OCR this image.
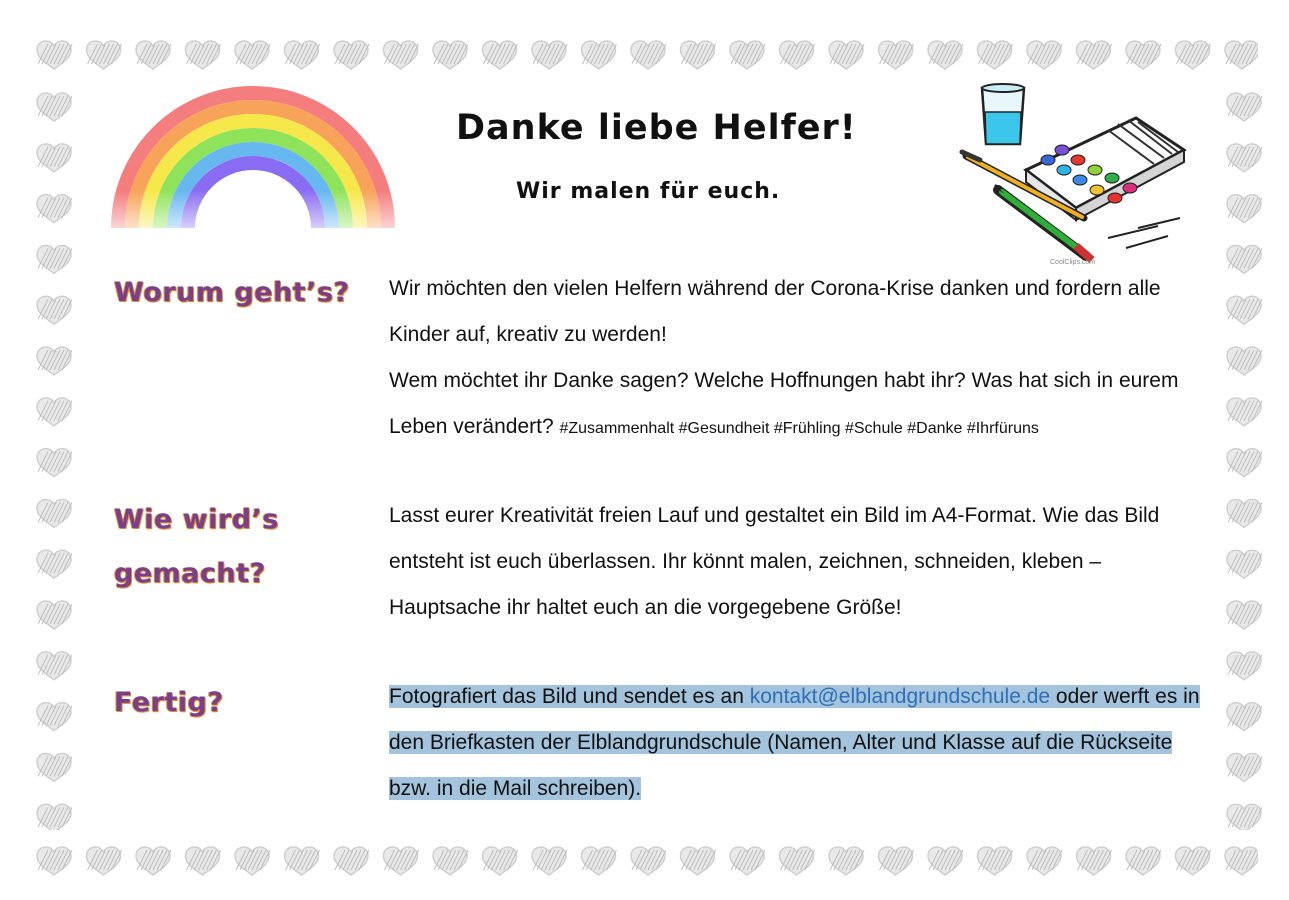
Danke liebe Helfer!
Wir malen für euch.
CoolClips.com
Worum geht’s? Wir möchten den vielen Helfern während der Corona-Krise danken und fordern alle Kinder auf, kreativ zu werden!
Wem möchtet ihr Danke sagen? Welche Hoffnungen habt ihr? Was hat sich in eurem Leben verändert? #Zusammenhalt #Gesundheit #Frühling #Schule #Danke #Ihrfüruns
Wie wird’s
gemacht?
Lasst eurer Kreativität freien Lauf und gestaltet ein Bild im A4-Format. Wie das Bild entsteht ist euch überlassen. Ihr könnt malen, zeichnen, schneiden, kleben – Hauptsache ihr haltet euch an die vorgegebene Größe!
Fertig?	Fotografiert das Bild und sendet es an kontakt@elblandgrundschule.de oder werft es in den Briefkasten der Elblandgrundschule (Namen, Alter und Klasse auf die Rückseite bzw. in die Mail schreiben).
